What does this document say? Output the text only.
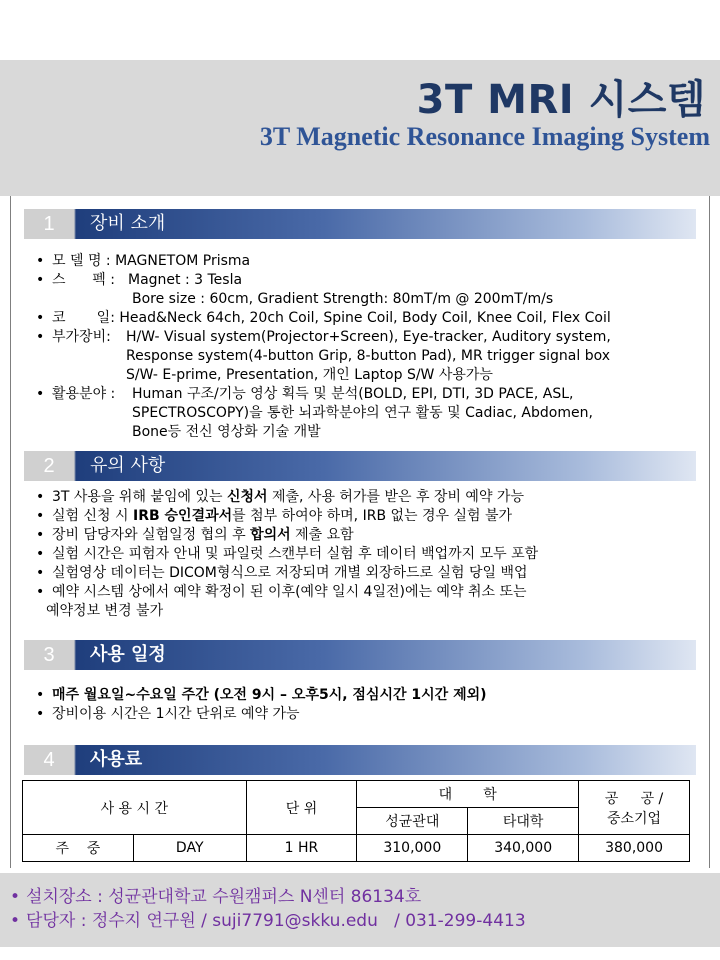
3T MRI 시스템
3T Magnetic Resonance Imaging System
1	장비 소개
• 모 델 명 : MAGNETOM Prisma
• 스      펙 : Magnet : 3 Tesla
Bore size : 60cm, Gradient Strength: 80mT/m @ 200mT/m/s
• 코       일: Head&Neck 64ch, 20ch Coil, Spine Coil, Body Coil, Knee Coil, Flex Coil
• 부가장비: H/W- Visual system(Projector+Screen), Eye-tracker, Auditory system,
Response system(4-button Grip, 8-button Pad), MR trigger signal box
S/W- E-prime, Presentation, 개인 Laptop S/W 사용가능
• 활용분야 : Human 구조/기능 영상 획득 및 분석(BOLD, EPI, DTI, 3D PACE, ASL,
SPECTROSCOPY)을 통한 뇌과학분야의 연구 활동 및 Cadiac, Abdomen,
Bone등 전신 영상화 기술 개발
2	유의 사항
• 3T 사용을 위해 붙임에 있는 신청서 제출, 사용 허가를 받은 후 장비 예약 가능
• 실험 신청 시 IRB 승인결과서를 첨부 하여야 하며, IRB 없는 경우 실험 불가
• 장비 담당자와 실험일정 협의 후 합의서 제출 요함
• 실험 시간은 피험자 안내 및 파일럿 스캔부터 실험 후 데이터 백업까지 모두 포함
• 실험영상 데이터는 DICOM형식으로 저장되며 개별 외장하드로 실험 당일 백업
• 예약 시스템 상에서 예약 확정이 된 이후(예약 일시 4일전)에는 예약 취소 또는
예약정보 변경 불가
3	사용 일정
• 매주 월요일~수요일 주간 (오전 9시 – 오후5시, 점심시간 1시간 제외)
• 장비이용 시간은 1시간 단위로 예약 가능
4	사용료
사 용 시 간		단 위	대       학		공     공 /
중소기업

			성균관대	타대학	
주    중	DAY	1 HR	310,000	340,000	380,000
• 설치장소 : 성균관대학교 수원캠퍼스 N센터 86134호
• 담당자 : 정수지 연구원 / suji7791@skku.edu   / 031-299-4413
